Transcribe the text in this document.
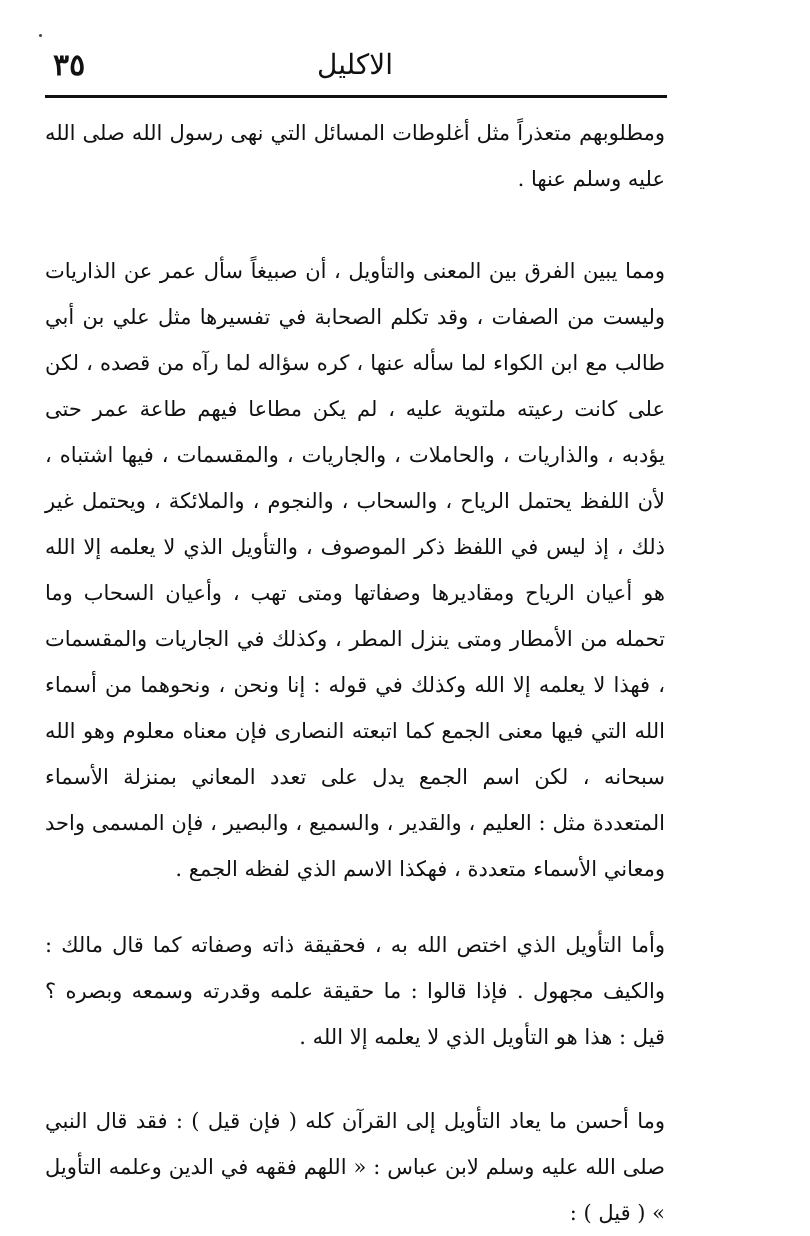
٣٥	الاكليل

ومطلوبهم متعذراً مثل أغلوطات المسائل التي نهى رسول الله صلى الله عليه وسلم عنها .

ومما يبين الفرق بين المعنى والتأويل ، أن صبيغاً سأل عمر عن الذاريات وليست من الصفات ، وقد تكلم الصحابة في تفسيرها مثل علي بن أبي طالب مع ابن الكواء لما سأله عنها ، كره سؤاله لما رآه من قصده ، لكن على كانت رعيته ملتوية عليه ، لم يكن مطاعا فيهم طاعة عمر حتى يؤدبه ، والذاريات ، والحاملات ، والجاريات ، والمقسمات ، فيها اشتباه ، لأن اللفظ يحتمل الرياح ، والسحاب ، والنجوم ، والملائكة ، ويحتمل غير ذلك ، إذ ليس في اللفظ ذكر الموصوف ، والتأويل الذي لا يعلمه إلا الله هو أعيان الرياح ومقاديرها وصفاتها ومتى تهب ، وأعيان السحاب وما تحمله من الأمطار ومتى ينزل المطر ، وكذلك في الجاريات والمقسمات ، فهذا لا يعلمه إلا الله وكذلك في قوله : إنا ونحن ، ونحوهما من أسماء الله التي فيها معنى الجمع كما اتبعته النصارى فإن معناه معلوم وهو الله سبحانه ، لكن اسم الجمع يدل على تعدد المعاني بمنزلة الأسماء المتعددة مثل : العليم ، والقدير ، والسميع ، والبصير ، فإن المسمى واحد ومعاني الأسماء متعددة ، فهكذا الاسم الذي لفظه الجمع .

وأما التأويل الذي اختص الله به ، فحقيقة ذاته وصفاته كما قال مالك : والكيف مجهول . فإذا قالوا : ما حقيقة علمه وقدرته وسمعه وبصره ؟ قيل : هذا هو التأويل الذي لا يعلمه إلا الله .

وما أحسن ما يعاد التأويل إلى القرآن كله ( فإن قيل ) : فقد قال النبي صلى الله عليه وسلم لابن عباس : « اللهم فقهه في الدين وعلمه التأويل » ( قيل ) :
